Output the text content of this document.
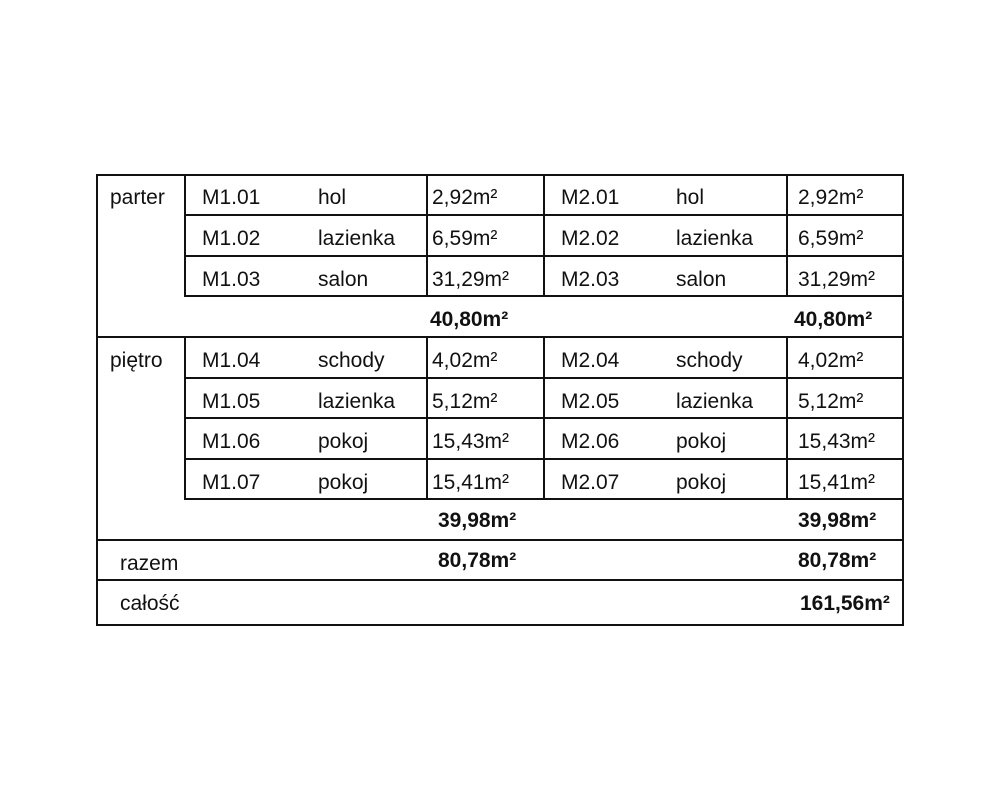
parter M1.01	hol	2,92m²	M2.01	hol	2,92m²
M1.02	lazienka 6,59m²	M2.02	lazienka 6,59m²
M1.03	salon	31,29m² M2.03	salon	31,29m²
40,80m²	40,80m²
piętro M1.04	schody 4,02m²	M2.04	schody	4,02m²
M1.05	lazienka 5,12m²	M2.05	lazienka 5,12m²
M1.06	pokoj	15,43m² M2.06	pokoj	15,43m²
M1.07	pokoj	15,41m² M2.07	pokoj	15,41m²
39,98m²	39,98m²
razem	80,78m²	80,78m²
całość	161,56m²
